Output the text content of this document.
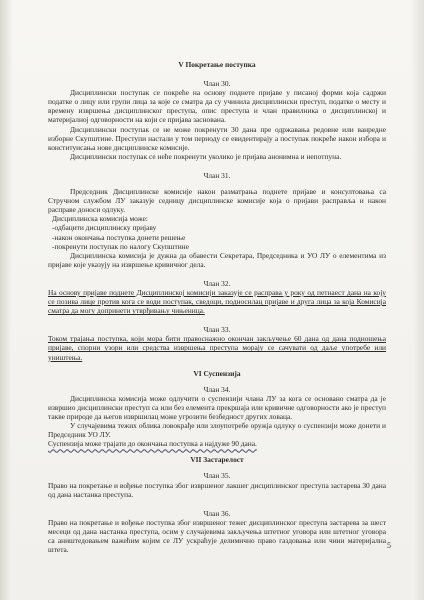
V Покретање поступка

Члан 30.

Дисциплински поступак се покреће на основу поднете пријаве у писаној форми која садржи податке о лицу или групи лица за које се сматра да су учинила дисциплински преступ, податке о месту и времену извршења дисциплинског преступа, опис преступа и члан правилника о дисциплинској и материјалној одговорности на који се пријава заснована.

Дисциплински поступак се не може покренути 30 дана пре одржавања редовне или ванредне изборне Скупштине. Преступи настали у том периоду се евидентирају а поступак покреће након избора и конституисања нове дисциплинске комисије.

Дисциплински поступак се неће покренути уколико је пријава анонимна и непотпуна.

Члан 31.

Председник Дисциплинске комисије након разматрања поднете пријаве и консултовања са Стручном службом ЛУ заказује седницу дисциплинске комисије која о пријави расправља и након расправе доноси одлуку.

Дисциплинска комисија може:
-одбацити дисциплинску пријаву
-након окончања поступка донети решење
-покренути поступак по налогу Скупштине

Дисциплинска комисија је дужна да обавести Секретара, Председника и УО ЛУ о елементима из пријаве које указују на извршење кривичног дела.

Члан 32.

На основу пријаве поднете Дисциплинској комисији заказује се расправа у року од петнаест дана на коју се позива лице против кога се води поступак, сведоци, подносилац пријаве и друга лица за која Комисија сматра да могу допринети утврђивању чињеница.

Члан 33.

Током трајања поступка, који мора бити правоснажно окончан закључење 60 дана од дана подношења пријаве, спорни узори или средства извршења преступа морају се сачувати од даље употребе или уништења.

VI Суспензија

Члан 34.

Дисциплинска комисија може одлучити о суспензији члана ЛУ за кога се основано сматра да је извршио дисциплински преступ са или без елемента прекршаја или кривичне одговорности ако је преступ такве природе да његов извршилац може угрозити безбедност других ловаца.

У случајевима тежих облика ловокрађе или злоупотребе оружја одлуку о суспензији може донети и Председник УО ЛУ.

Суспензија може трајати до окончања поступка а најдуже 90 дана.

VII Застарелост

Члан 35.

Право на покретање и вођење поступка због извршеног лакшег дисциплинског преступа застарева 30 дана од дана настанка преступа.

Члан 36.

Право на покретање и вођење поступка због извршеног тежег дисциплинског преступа застарева за шест месеци од дана настанка преступа, осим у случајевима закључења штетног уговора или штетног уговора са аништедовањем важећим којим се ЛУ ускраћује делимично право газдовања или чини материјална штета.	5
